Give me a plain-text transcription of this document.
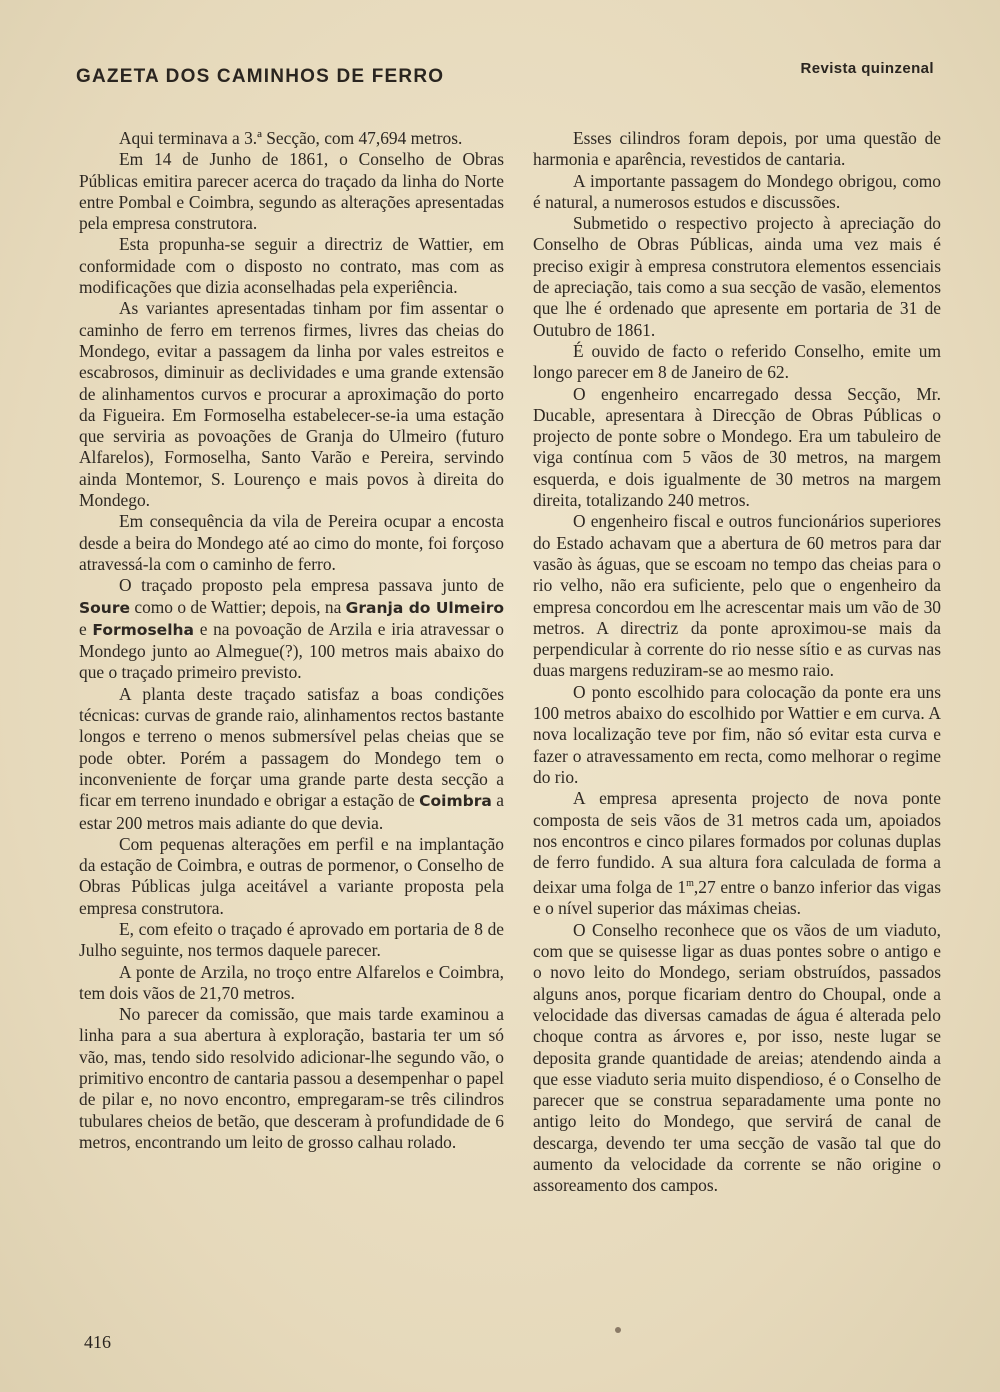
GAZETA DOS CAMINHOS DE FERRO	Revista quinzenal

Aqui terminava a 3.ª Secção, com 47,694 metros.

Em 14 de Junho de 1861, o Conselho de Obras Públicas emitira parecer acerca do traçado da linha do Norte entre Pombal e Coimbra, segundo as alterações apresentadas pela empresa construtora.

Esta propunha-se seguir a directriz de Wattier, em conformidade com o disposto no contrato, mas com as modificações que dizia aconselhadas pela experiência.

As variantes apresentadas tinham por fim assentar o caminho de ferro em terrenos firmes, livres das cheias do Mondego, evitar a passagem da linha por vales estreitos e escabrosos, diminuir as declividades e uma grande extensão de alinhamentos curvos e procurar a aproximação do porto da Figueira. Em Formoselha estabelecer-se-ia uma estação que serviria as povoações de Granja do Ulmeiro (futuro Alfarelos), Formoselha, Santo Varão e Pereira, servindo ainda Montemor, S. Lourenço e mais povos à direita do Mondego.

Em consequência da vila de Pereira ocupar a encosta desde a beira do Mondego até ao cimo do monte, foi forçoso atravessá-la com o caminho de ferro.

O traçado proposto pela empresa passava junto de Soure como o de Wattier; depois, na Granja do Ulmeiro e Formoselha e na povoação de Arzila e iria atravessar o Mondego junto ao Almegue(?), 100 metros mais abaixo do que o traçado primeiro previsto.

A planta deste traçado satisfaz a boas condições técnicas: curvas de grande raio, alinhamentos rectos bastante longos e terreno o menos submersível pelas cheias que se pode obter. Porém a passagem do Mondego tem o inconveniente de forçar uma grande parte desta secção a ficar em terreno inundado e obrigar a estação de Coimbra a estar 200 metros mais adiante do que devia.

Com pequenas alterações em perfil e na implantação da estação de Coimbra, e outras de pormenor, o Conselho de Obras Públicas julga aceitável a variante proposta pela empresa construtora.

E, com efeito o traçado é aprovado em portaria de 8 de Julho seguinte, nos termos daquele parecer.

A ponte de Arzila, no troço entre Alfarelos e Coimbra, tem dois vãos de 21,70 metros.

No parecer da comissão, que mais tarde examinou a linha para a sua abertura à exploração, bastaria ter um só vão, mas, tendo sido resolvido adicionar-lhe segundo vão, o primitivo encontro de cantaria passou a desempenhar o papel de pilar e, no novo encontro, empregaram-se três cilindros tubulares cheios de betão, que desceram à profundidade de 6 metros, encontrando um leito de grosso calhau rolado.

Esses cilindros foram depois, por uma questão de harmonia e aparência, revestidos de cantaria.

A importante passagem do Mondego obrigou, como é natural, a numerosos estudos e discussões.

Submetido o respectivo projecto à apreciação do Conselho de Obras Públicas, ainda uma vez mais é preciso exigir à empresa construtora elementos essenciais de apreciação, tais como a sua secção de vasão, elementos que lhe é ordenado que apresente em portaria de 31 de Outubro de 1861.

É ouvido de facto o referido Conselho, emite um longo parecer em 8 de Janeiro de 62.

O engenheiro encarregado dessa Secção, Mr. Ducable, apresentara à Direcção de Obras Públicas o projecto de ponte sobre o Mondego. Era um tabuleiro de viga contínua com 5 vãos de 30 metros, na margem esquerda, e dois igualmente de 30 metros na margem direita, totalizando 240 metros.

O engenheiro fiscal e outros funcionários superiores do Estado achavam que a abertura de 60 metros para dar vasão às águas, que se escoam no tempo das cheias para o rio velho, não era suficiente, pelo que o engenheiro da empresa concordou em lhe acrescentar mais um vão de 30 metros. A directriz da ponte aproximou-se mais da perpendicular à corrente do rio nesse sítio e as curvas nas duas margens reduziram-se ao mesmo raio.

O ponto escolhido para colocação da ponte era uns 100 metros abaixo do escolhido por Wattier e em curva. A nova localização teve por fim, não só evitar esta curva e fazer o atravessamento em recta, como melhorar o regime do rio.

A empresa apresenta projecto de nova ponte composta de seis vãos de 31 metros cada um, apoiados nos encontros e cinco pilares formados por colunas duplas de ferro fundido. A sua altura fora calculada de forma a deixar uma folga de 1$^m$,27 entre o banzo inferior das vigas e o nível superior das máximas cheias.

O Conselho reconhece que os vãos de um viaduto, com que se quisesse ligar as duas pontes sobre o antigo e o novo leito do Mondego, seriam obstruídos, passados alguns anos, porque ficariam dentro do Choupal, onde a velocidade das diversas camadas de água é alterada pelo choque contra as árvores e, por isso, neste lugar se deposita grande quantidade de areias; atendendo ainda a que esse viaduto seria muito dispendioso, é o Conselho de parecer que se construa separadamente uma ponte no antigo leito do Mondego, que servirá de canal de descarga, devendo ter uma secção de vasão tal que do aumento da velocidade da corrente se não origine o assoreamento dos campos.

416
